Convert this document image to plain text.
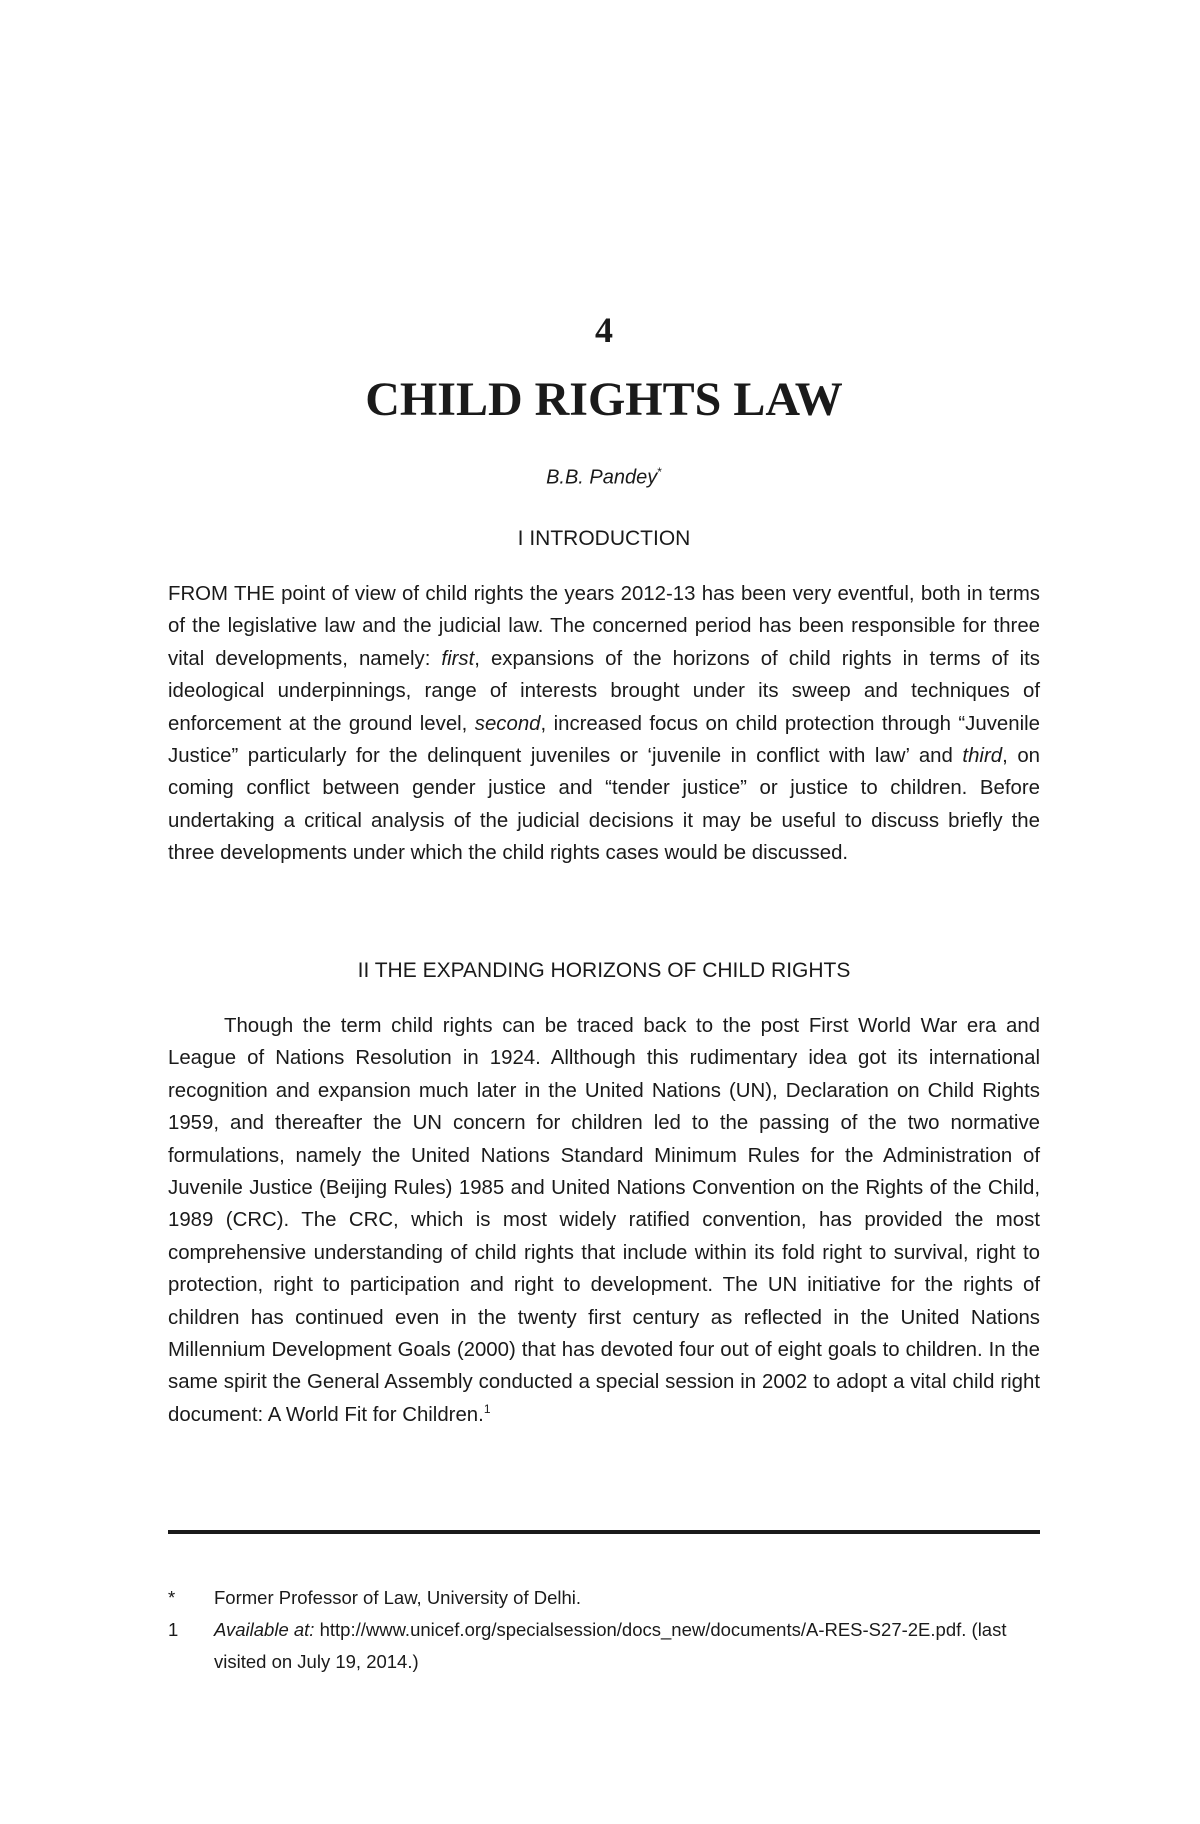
4
CHILD RIGHTS LAW
B.B. Pandey*
I INTRODUCTION

FROM THE point of view of child rights the years 2012-13 has been very eventful, both in terms of the legislative law and the judicial law. The concerned period has been responsible for three vital developments, namely: first, expansions of the horizons of child rights in terms of its ideological underpinnings, range of interests brought under its sweep and techniques of enforcement at the ground level, second, increased focus on child protection through “Juvenile Justice” particularly for the delinquent juveniles or ‘juvenile in conflict with law’ and third, on coming conflict between gender justice and “tender justice” or justice to children. Before undertaking a critical analysis of the judicial decisions it may be useful to discuss briefly the three developments under which the child rights cases would be discussed.

II THE EXPANDING HORIZONS OF CHILD RIGHTS

Though the term child rights can be traced back to the post First World War era and League of Nations Resolution in 1924. Allthough this rudimentary idea got its international recognition and expansion much later in the United Nations (UN), Declaration on Child Rights 1959, and thereafter the UN concern for children led to the passing of the two normative formulations, namely the United Nations Standard Minimum Rules for the Administration of Juvenile Justice (Beijing Rules) 1985 and United Nations Convention on the Rights of the Child, 1989 (CRC). The CRC, which is most widely ratified convention, has provided the most comprehensive understanding of child rights that include within its fold right to survival, right to protection, right to participation and right to development. The UN initiative for the rights of children has continued even in the twenty first century as reflected in the United Nations Millennium Development Goals (2000) that has devoted four out of eight goals to children. In the same spirit the General Assembly conducted a special session in 2002 to adopt a vital child right document: A World Fit for Children.$^1$

*	Former Professor of Law, University of Delhi.
1	Available at: http://www.unicef.org/specialsession/docs_new/documents/A-RES-S27-2E.pdf. (last visited on July 19, 2014.)
